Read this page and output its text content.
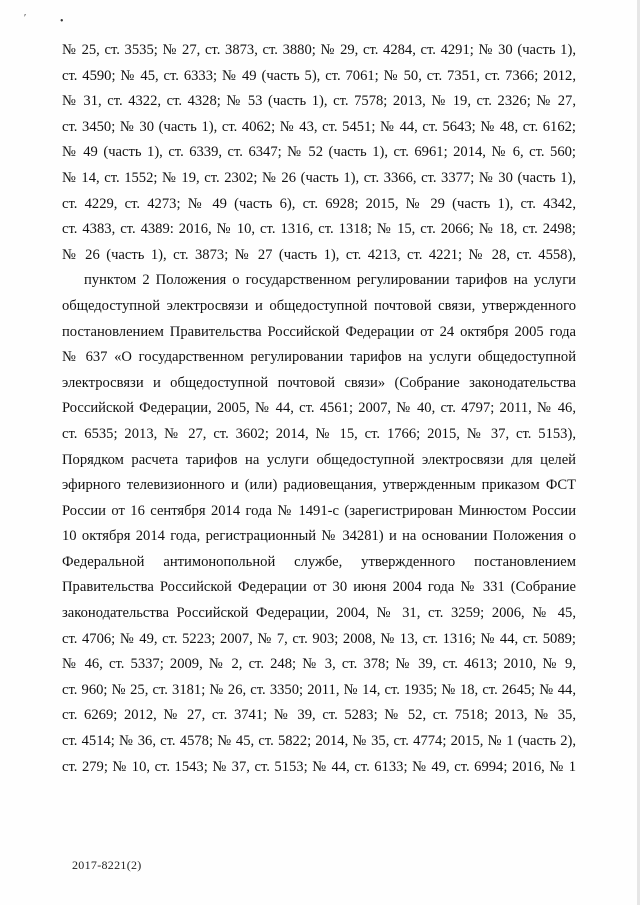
′	•
№ 25, ст. 3535; № 27, ст. 3873, ст. 3880; № 29, ст. 4284, ст. 4291; № 30 (часть 1),
ст. 4590; № 45, ст. 6333; № 49 (часть 5), ст. 7061; № 50, ст. 7351, ст. 7366; 2012,
№ 31, ст. 4322, ст. 4328; № 53 (часть 1), ст. 7578; 2013, № 19, ст. 2326; № 27,
ст. 3450; № 30 (часть 1), ст. 4062; № 43, ст. 5451; № 44, ст. 5643; № 48, ст. 6162;
№ 49 (часть 1), ст. 6339, ст. 6347; № 52 (часть 1), ст. 6961; 2014, № 6, ст. 560;
№ 14, ст. 1552; № 19, ст. 2302; № 26 (часть 1), ст. 3366, ст. 3377; № 30 (часть 1),
ст. 4229, ст. 4273; № 49 (часть 6), ст. 6928; 2015, № 29 (часть 1), ст. 4342,
ст. 4383, ст. 4389: 2016, № 10, ст. 1316, ст. 1318; № 15, ст. 2066; № 18, ст. 2498;
№ 26 (часть 1), ст. 3873; № 27 (часть 1), ст. 4213, ст. 4221; № 28, ст. 4558),
пунктом 2 Положения о государственном регулировании тарифов на услуги
общедоступной электросвязи и общедоступной почтовой связи, утвержденного
постановлением Правительства Российской Федерации от 24 октября 2005 года
№ 637 «О государственном регулировании тарифов на услуги общедоступной
электросвязи и общедоступной почтовой связи» (Собрание законодательства
Российской Федерации, 2005, № 44, ст. 4561; 2007, № 40, ст. 4797; 2011, № 46,
ст. 6535; 2013, № 27, ст. 3602; 2014, № 15, ст. 1766; 2015, № 37, ст. 5153),
Порядком расчета тарифов на услуги общедоступной электросвязи для целей
эфирного телевизионного и (или) радиовещания, утвержденным приказом ФСТ
России от 16 сентября 2014 года № 1491-с (зарегистрирован Минюстом России
10 октября 2014 года, регистрационный № 34281) и на основании Положения о
Федеральной антимонопольной службе, утвержденного постановлением
Правительства Российской Федерации от 30 июня 2004 года № 331 (Собрание
законодательства Российской Федерации, 2004, № 31, ст. 3259; 2006, № 45,
ст. 4706; № 49, ст. 5223; 2007, № 7, ст. 903; 2008, № 13, ст. 1316; № 44, ст. 5089;
№ 46, ст. 5337; 2009, № 2, ст. 248; № 3, ст. 378; № 39, ст. 4613; 2010, № 9,
ст. 960; № 25, ст. 3181; № 26, ст. 3350; 2011, № 14, ст. 1935; № 18, ст. 2645; № 44,
ст. 6269; 2012, № 27, ст. 3741; № 39, ст. 5283; № 52, ст. 7518; 2013, № 35,
ст. 4514; № 36, ст. 4578; № 45, ст. 5822; 2014, № 35, ст. 4774; 2015, № 1 (часть 2),
ст. 279; № 10, ст. 1543; № 37, ст. 5153; № 44, ст. 6133; № 49, ст. 6994; 2016, № 1
2017-8221(2)
